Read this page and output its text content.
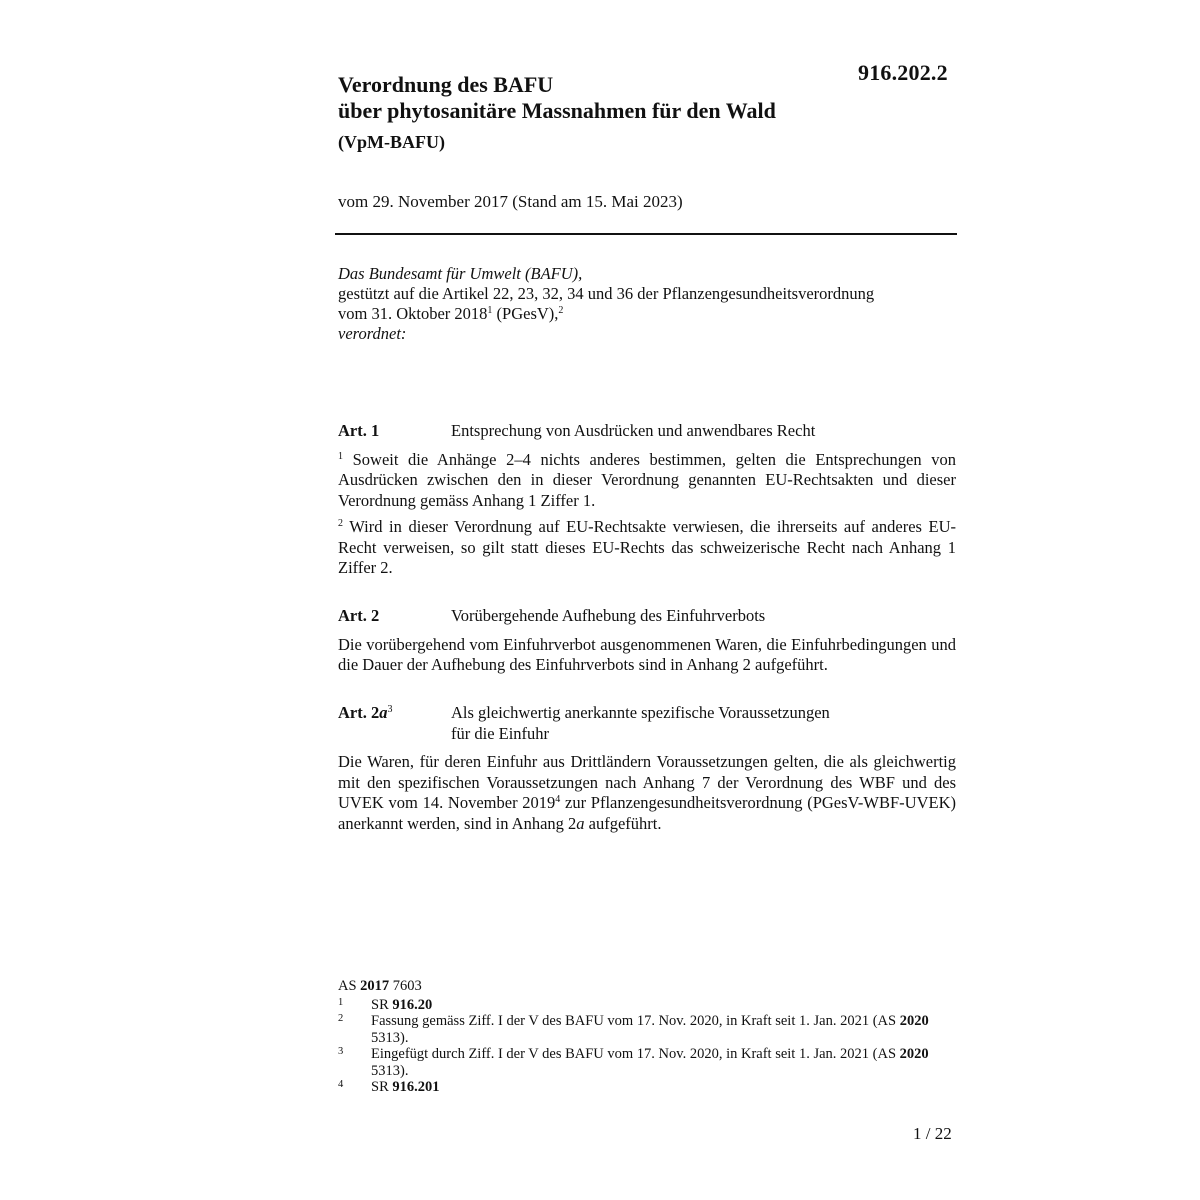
916.202.2
Verordnung des BAFU
über phytosanitäre Massnahmen für den Wald
(VpM-BAFU)
vom 29. November 2017 (Stand am 15. Mai 2023)
Das Bundesamt für Umwelt (BAFU),
gestützt auf die Artikel 22, 23, 32, 34 und 36 der Pflanzengesundheitsverordnung
vom 31. Oktober 2018$^1$ (PGesV),$^2$
verordnet:
Art. 1	Entsprechung von Ausdrücken und anwendbares Recht

$^1$ Soweit die Anhänge 2–4 nichts anderes bestimmen, gelten die Entsprechungen von Ausdrücken zwischen den in dieser Verordnung genannten EU-Rechtsakten und dieser Verordnung gemäss Anhang 1 Ziffer 1.

$^2$ Wird in dieser Verordnung auf EU-Rechtsakte verwiesen, die ihrerseits auf anderes EU-Recht verweisen, so gilt statt dieses EU-Rechts das schweizerische Recht nach Anhang 1 Ziffer 2.

Art. 2	Vorübergehende Aufhebung des Einfuhrverbots

Die vorübergehend vom Einfuhrverbot ausgenommenen Waren, die Einfuhrbedingungen und die Dauer der Aufhebung des Einfuhrverbots sind in Anhang 2 aufgeführt.

Art. $2a^3$	Als gleichwertig anerkannte spezifische Voraussetzungen
für die Einfuhr

Die Waren, für deren Einfuhr aus Drittländern Voraussetzungen gelten, die als gleichwertig mit den spezifischen Voraussetzungen nach Anhang 7 der Verordnung des WBF und des UVEK vom 14. November 2019$^4$ zur Pflanzengesundheitsverordnung (PGesV-WBF-UVEK) anerkannt werden, sind in Anhang 2a aufgeführt.

AS 2017 7603
1	SR 916.20
2	Fassung gemäss Ziff. I der V des BAFU vom 17. Nov. 2020, in Kraft seit 1. Jan. 2021 (AS 2020 5313).
3	Eingefügt durch Ziff. I der V des BAFU vom 17. Nov. 2020, in Kraft seit 1. Jan. 2021 (AS 2020 5313).
4	SR 916.201
1 / 22
